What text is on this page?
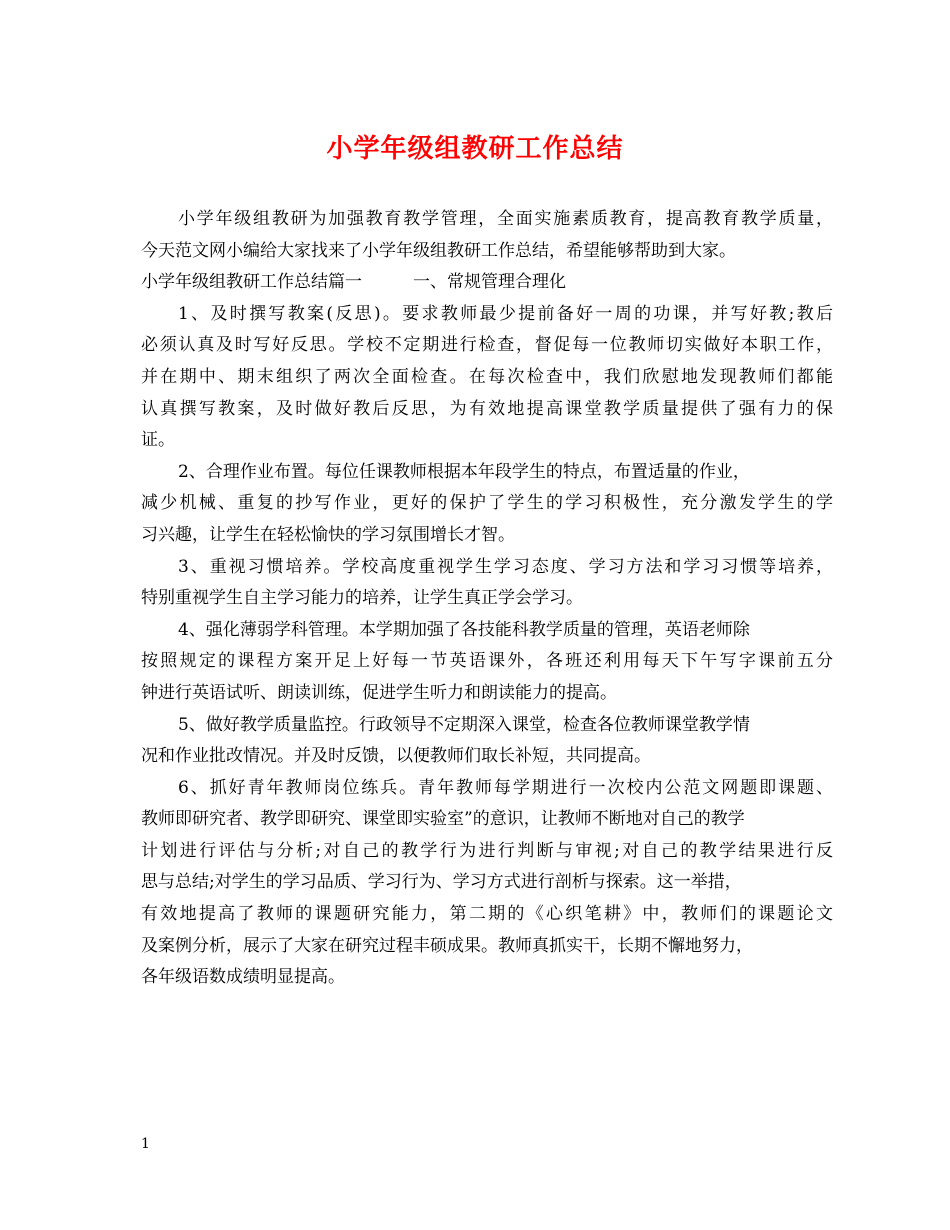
小学年级组教研工作总结
小学年级组教研为加强教育教学管理，全面实施素质教育，提高教育教学质量，
今天范文网小编给大家找来了小学年级组教研工作总结，希望能够帮助到大家。
小学年级组教研工作总结篇一　　　一、常规管理合理化
1、及时撰写教案(反思)。要求教师最少提前备好一周的功课，并写好教;教后
必须认真及时写好反思。学校不定期进行检查，督促每一位教师切实做好本职工作，
并在期中、期末组织了两次全面检查。在每次检查中，我们欣慰地发现教师们都能
认真撰写教案，及时做好教后反思，为有效地提高课堂教学质量提供了强有力的保
证。
2、合理作业布置。每位任课教师根据本年段学生的特点，布置适量的作业，
减少机械、重复的抄写作业，更好的保护了学生的学习积极性，充分激发学生的学
习兴趣，让学生在轻松愉快的学习氛围增长才智。
3、重视习惯培养。学校高度重视学生学习态度、学习方法和学习习惯等培养，
特别重视学生自主学习能力的培养，让学生真正学会学习。
4、强化薄弱学科管理。本学期加强了各技能科教学质量的管理，英语老师除
按照规定的课程方案开足上好每一节英语课外，各班还利用每天下午写字课前五分
钟进行英语试听、朗读训练，促进学生听力和朗读能力的提高。
5、做好教学质量监控。行政领导不定期深入课堂，检查各位教师课堂教学情
况和作业批改情况。并及时反馈，以便教师们取长补短，共同提高。
6、抓好青年教师岗位练兵。青年教师每学期进行一次校内公范文网题即课题、
教师即研究者、教学即研究、课堂即实验室”的意识，让教师不断地对自己的教学
计划进行评估与分析;对自己的教学行为进行判断与审视;对自己的教学结果进行反
思与总结;对学生的学习品质、学习行为、学习方式进行剖析与探索。这一举措，
有效地提高了教师的课题研究能力，第二期的《心织笔耕》中，教师们的课题论文
及案例分析，展示了大家在研究过程丰硕成果。教师真抓实干，长期不懈地努力，
各年级语数成绩明显提高。
1
